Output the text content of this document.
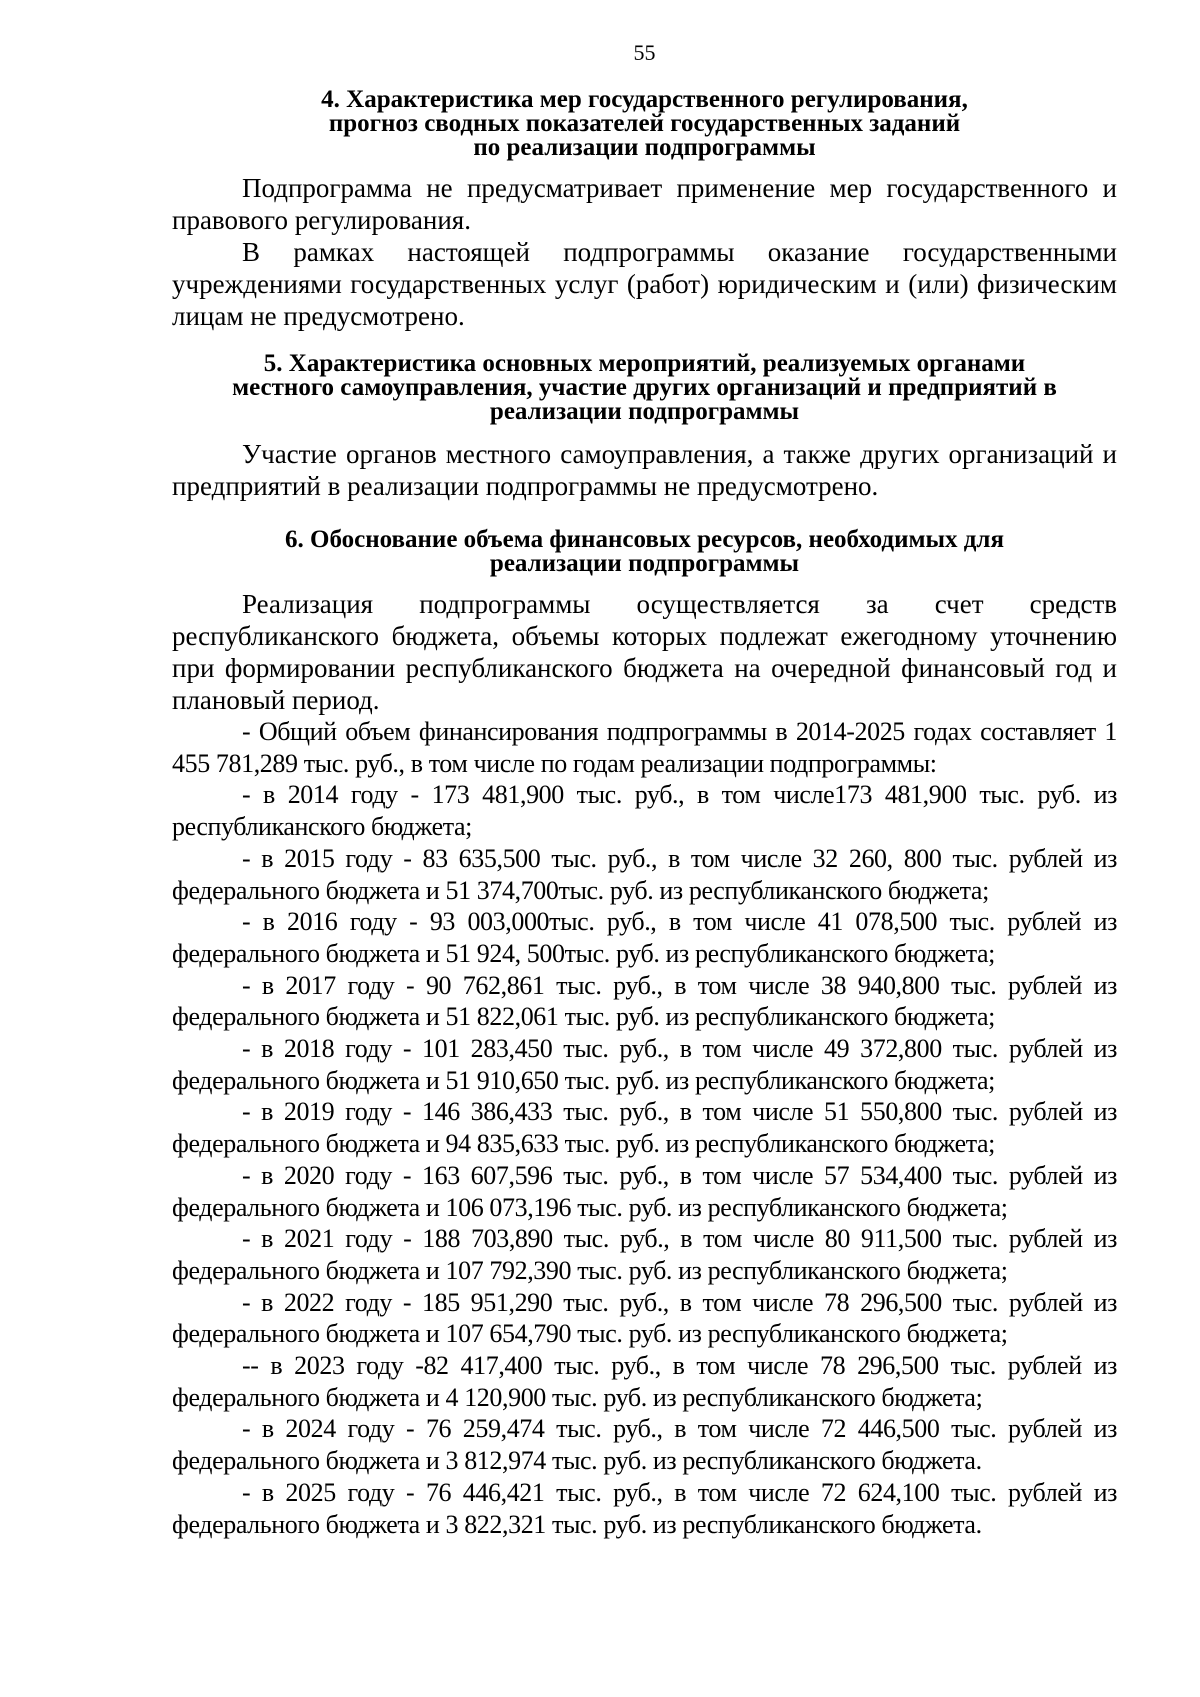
55
4. Характеристика мер государственного регулирования,
прогноз сводных показателей государственных заданий
по реализации подпрограммы

Подпрограмма не предусматривает применение мер государственного и правового регулирования.

В рамках настоящей подпрограммы оказание государственными учреждениями государственных услуг (работ) юридическим и (или) физическим лицам не предусмотрено.

5. Характеристика основных мероприятий, реализуемых органами
местного самоуправления, участие других организаций и предприятий в
реализации подпрограммы

Участие органов местного самоуправления, а также других организаций и предприятий в реализации подпрограммы не предусмотрено.

6. Обоснование объема финансовых ресурсов, необходимых для
реализации подпрограммы

Реализация подпрограммы осуществляется за счет средств республиканского бюджета, объемы которых подлежат ежегодному уточнению при формировании республиканского бюджета на очередной финансовый год и плановый период.

- Общий объем финансирования подпрограммы в 2014-2025 годах составляет 1 455 781,289 тыс. руб., в том числе по годам реализации подпрограммы:

- в 2014 году - 173 481,900 тыс. руб., в том числе173 481,900 тыс. руб. из республиканского бюджета;

- в 2015 году - 83 635,500 тыс. руб., в том числе 32 260, 800 тыс. рублей из федерального бюджета и 51 374,700тыс. руб. из республиканского бюджета;

- в 2016 году - 93 003,000тыс. руб., в том числе 41 078,500 тыс. рублей из федерального бюджета и 51 924, 500тыс. руб. из республиканского бюджета;

- в 2017 году - 90 762,861 тыс. руб., в том числе 38 940,800 тыс. рублей из федерального бюджета и 51 822,061 тыс. руб. из республиканского бюджета;

- в 2018 году - 101 283,450 тыс. руб., в том числе 49 372,800 тыс. рублей из федерального бюджета и 51 910,650 тыс. руб. из республиканского бюджета;

- в 2019 году - 146 386,433 тыс. руб., в том числе 51 550,800 тыс. рублей из федерального бюджета и 94 835,633 тыс. руб. из республиканского бюджета;

- в 2020 году - 163 607,596 тыс. руб., в том числе 57 534,400 тыс. рублей из федерального бюджета и 106 073,196 тыс. руб. из республиканского бюджета;

- в 2021 году - 188 703,890 тыс. руб., в том числе 80 911,500 тыс. рублей из федерального бюджета и 107 792,390 тыс. руб. из республиканского бюджета;

- в 2022 году - 185 951,290 тыс. руб., в том числе 78 296,500 тыс. рублей из федерального бюджета и 107 654,790 тыс. руб. из республиканского бюджета;

-- в 2023 году -82 417,400 тыс. руб., в том числе 78 296,500 тыс. рублей из федерального бюджета и 4 120,900 тыс. руб. из республиканского бюджета;

- в 2024 году - 76 259,474 тыс. руб., в том числе 72 446,500 тыс. рублей из федерального бюджета и 3 812,974 тыс. руб. из республиканского бюджета.

- в 2025 году - 76 446,421 тыс. руб., в том числе 72 624,100 тыс. рублей из федерального бюджета и 3 822,321 тыс. руб. из республиканского бюджета.
